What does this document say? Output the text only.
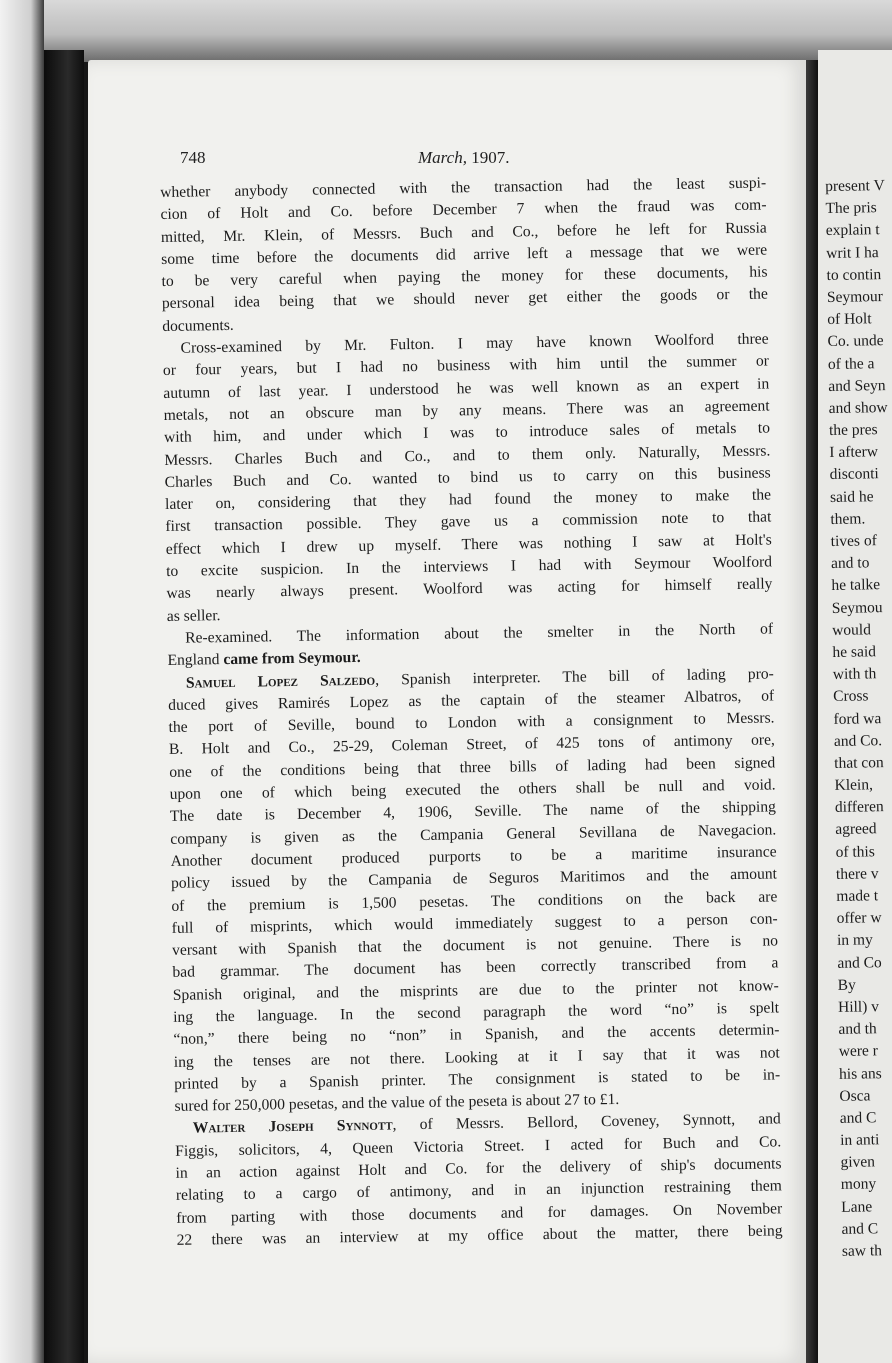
748	March, 1907.
whether anybody connected with the transaction had the least suspi-
cion of Holt and Co. before December 7 when the fraud was com-
mitted, Mr. Klein, of Messrs. Buch and Co., before he left for Russia
some time before the documents did arrive left a message that we were
to be very careful when paying the money for these documents, his
personal idea being that we should never get either the goods or the
documents.
Cross-examined by Mr. Fulton. I may have known Woolford three
or four years, but I had no business with him until the summer or
autumn of last year. I understood he was well known as an expert in
metals, not an obscure man by any means. There was an agreement
with him, and under which I was to introduce sales of metals to
Messrs. Charles Buch and Co., and to them only. Naturally, Messrs.
Charles Buch and Co. wanted to bind us to carry on this business
later on, considering that they had found the money to make the
first transaction possible. They gave us a commission note to that
effect which I drew up myself. There was nothing I saw at Holt's
to excite suspicion. In the interviews I had with Seymour Woolford
was nearly always present. Woolford was acting for himself really
as seller.
Re-examined. The information about the smelter in the North of
England came from Seymour.
Samuel Lopez Salzedo, Spanish interpreter. The bill of lading pro-
duced gives Ramirés Lopez as the captain of the steamer Albatros, of
the port of Seville, bound to London with a consignment to Messrs.
B. Holt and Co., 25-29, Coleman Street, of 425 tons of antimony ore,
one of the conditions being that three bills of lading had been signed
upon one of which being executed the others shall be null and void.
The date is December 4, 1906, Seville. The name of the shipping
company is given as the Campania General Sevillana de Navegacion.
Another document produced purports to be a maritime insurance
policy issued by the Campania de Seguros Maritimos and the amount
of the premium is 1,500 pesetas. The conditions on the back are
full of misprints, which would immediately suggest to a person con-
versant with Spanish that the document is not genuine. There is no
bad grammar. The document has been correctly transcribed from a
Spanish original, and the misprints are due to the printer not know-
ing the language. In the second paragraph the word “no” is spelt
“non,” there being no “non” in Spanish, and the accents determin-
ing the tenses are not there. Looking at it I say that it was not
printed by a Spanish printer. The consignment is stated to be in-
sured for 250,000 pesetas, and the value of the peseta is about 27 to £1.
Walter Joseph Synnott, of Messrs. Bellord, Coveney, Synnott, and
Figgis, solicitors, 4, Queen Victoria Street. I acted for Buch and Co.
in an action against Holt and Co. for the delivery of ship's documents
relating to a cargo of antimony, and in an injunction restraining them
from parting with those documents and for damages. On November
22 there was an interview at my office about the matter, there being
present V
The pris
explain t
writ I ha
to contin
Seymour
of Holt
Co. unde
of the a
and Seyn
and show
the pres
I afterw
disconti
said he
them.
tives of
and to
he talke
Seymou
would
he said
with th
Cross
ford wa
and Co.
that con
Klein,
differen
agreed
of this
there v
made t
offer w
in my
and Co
By
Hill) v
and th
were r
his ans
Osca
and C
in anti
given
mony
Lane
and C
saw th
